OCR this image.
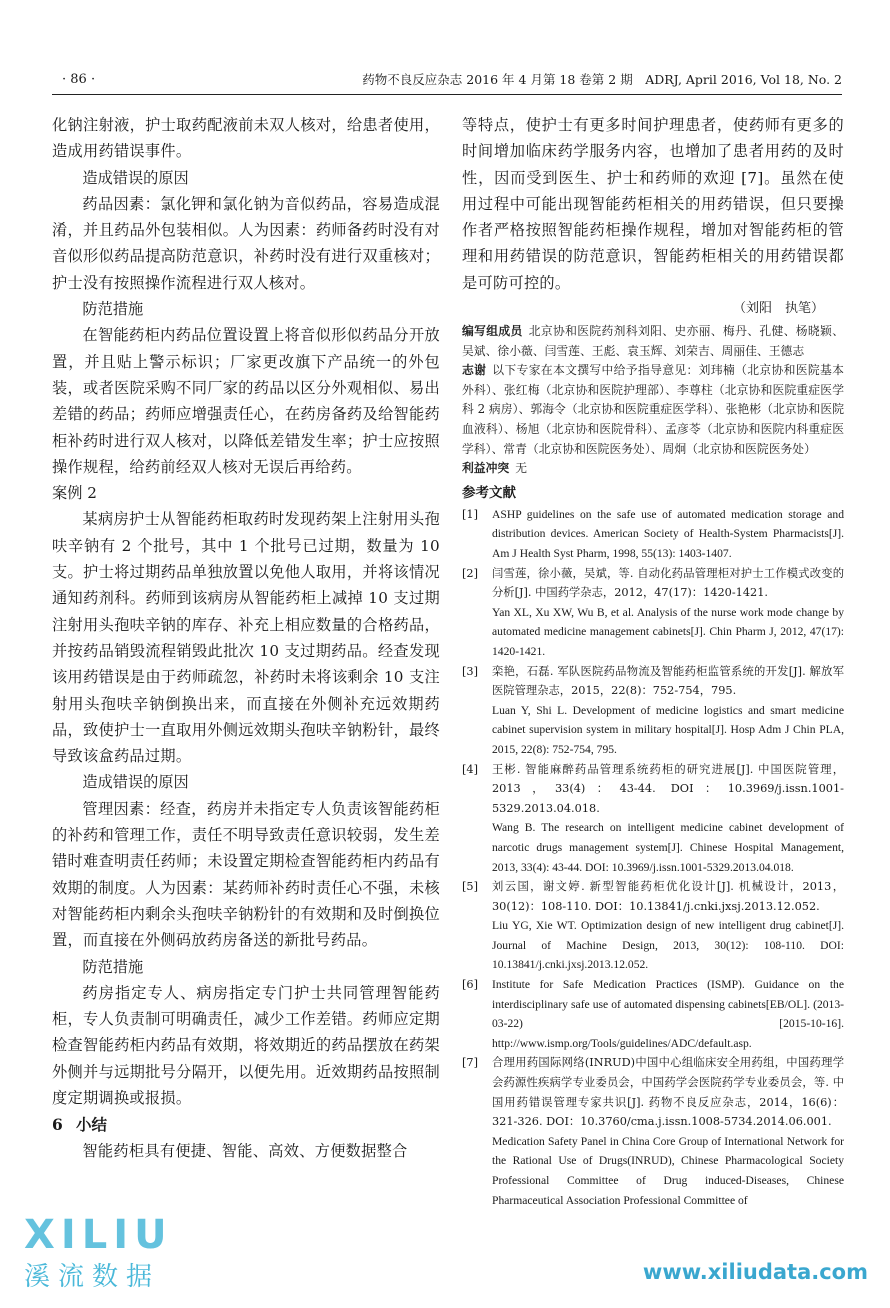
· 86 ·	药物不良反应杂志 2016 年 4 月第 18 卷第 2 期　ADRJ, April 2016, Vol 18, No. 2

化钠注射液，护士取药配液前未双人核对，给患者使用，造成用药错误事件。

造成错误的原因

药品因素：氯化钾和氯化钠为音似药品，容易造成混淆，并且药品外包装相似。人为因素：药师备药时没有对音似形似药品提高防范意识，补药时没有进行双重核对；护士没有按照操作流程进行双人核对。

防范措施

在智能药柜内药品位置设置上将音似形似药品分开放置，并且贴上警示标识；厂家更改旗下产品统一的外包装，或者医院采购不同厂家的药品以区分外观相似、易出差错的药品；药师应增强责任心，在药房备药及给智能药柜补药时进行双人核对，以降低差错发生率；护士应按照操作规程，给药前经双人核对无误后再给药。

案例 2

某病房护士从智能药柜取药时发现药架上注射用头孢呋辛钠有 2 个批号，其中 1 个批号已过期，数量为 10 支。护士将过期药品单独放置以免他人取用，并将该情况通知药剂科。药师到该病房从智能药柜上减掉 10 支过期注射用头孢呋辛钠的库存、补充上相应数量的合格药品，并按药品销毁流程销毁此批次 10 支过期药品。经查发现该用药错误是由于药师疏忽，补药时未将该剩余 10 支注射用头孢呋辛钠倒换出来，而直接在外侧补充远效期药品，致使护士一直取用外侧远效期头孢呋辛钠粉针，最终导致该盒药品过期。

造成错误的原因

管理因素：经查，药房并未指定专人负责该智能药柜的补药和管理工作，责任不明导致责任意识较弱，发生差错时难查明责任药师；未设置定期检查智能药柜内药品有效期的制度。人为因素：某药师补药时责任心不强，未核对智能药柜内剩余头孢呋辛钠粉针的有效期和及时倒换位置，而直接在外侧码放药房备送的新批号药品。

防范措施

药房指定专人、病房指定专门护士共同管理智能药柜，专人负责制可明确责任，减少工作差错。药师应定期检查智能药柜内药品有效期，将效期近的药品摆放在药架外侧并与远期批号分隔开，以便先用。近效期药品按照制度定期调换或报损。

6 小结

智能药柜具有便捷、智能、高效、方便数据整合

等特点，使护士有更多时间护理患者，使药师有更多的时间增加临床药学服务内容，也增加了患者用药的及时性，因而受到医生、护士和药师的欢迎 [7]。虽然在使用过程中可能出现智能药柜相关的用药错误，但只要操作者严格按照智能药柜操作规程，增加对智能药柜的管理和用药错误的防范意识，智能药柜相关的用药错误都是可防可控的。

（刘阳　执笔）

编写组成员 北京协和医院药剂科刘阳、史亦丽、梅丹、孔健、杨晓颖、吴斌、徐小薇、闫雪莲、王彪、袁玉辉、刘荣吉、周丽佳、王德志

志谢 以下专家在本文撰写中给予指导意见：刘玮楠（北京协和医院基本外科）、张红梅（北京协和医院护理部）、李尊柱（北京协和医院重症医学科 2 病房）、郭海令（北京协和医院重症医学科）、张艳彬（北京协和医院血液科）、杨旭（北京协和医院骨科）、孟彦苓（北京协和医院内科重症医学科）、常青（北京协和医院医务处）、周炯（北京协和医院医务处）

利益冲突 无

参考文献
[1]	ASHP guidelines on the safe use of automated medication storage and distribution devices. American Society of Health-System Pharmacists[J]. Am J Health Syst Pharm, 1998, 55(13): 1403-1407.
[2]	闫雪莲，徐小薇，吴斌，等. 自动化药品管理柜对护士工作模式改变的分析[J]. 中国药学杂志，2012，47(17)：1420-1421.
Yan XL, Xu XW, Wu B, et al. Analysis of the nurse work mode change by automated medicine management cabinets[J]. Chin Pharm J, 2012, 47(17): 1420-1421.
[3]	栾艳，石磊. 军队医院药品物流及智能药柜监管系统的开发[J]. 解放军医院管理杂志，2015，22(8)：752-754，795.
Luan Y, Shi L. Development of medicine logistics and smart medicine cabinet supervision system in military hospital[J]. Hosp Adm J Chin PLA, 2015, 22(8): 752-754, 795.
[4]	王彬. 智能麻醉药品管理系统药柜的研究进展[J]. 中国医院管理，2013，33(4)：43-44. DOI：10.3969/j.issn.1001-5329.2013.04.018.
Wang B. The research on intelligent medicine cabinet development of narcotic drugs management system[J]. Chinese Hospital Management, 2013, 33(4): 43-44. DOI: 10.3969/j.issn.1001-5329.2013.04.018.
[5]	刘云国，谢文婷. 新型智能药柜优化设计[J]. 机械设计，2013，30(12)：108-110. DOI：10.13841/j.cnki.jxsj.2013.12.052.
Liu YG, Xie WT. Optimization design of new intelligent drug cabinet[J]. Journal of Machine Design, 2013, 30(12): 108-110. DOI: 10.13841/j.cnki.jxsj.2013.12.052.
[6]	Institute for Safe Medication Practices (ISMP). Guidance on the interdisciplinary safe use of automated dispensing cabinets[EB/OL]. (2013-03-22) [2015-10-16]. http://www.ismp.org/Tools/guidelines/ADC/default.asp.
[7]	合理用药国际网络(INRUD)中国中心组临床安全用药组，中国药理学会药源性疾病学专业委员会，中国药学会医院药学专业委员会，等. 中国用药错误管理专家共识[J]. 药物不良反应杂志，2014，16(6)：321-326. DOI：10.3760/cma.j.issn.1008-5734.2014.06.001.
Medication Safety Panel in China Core Group of International Network for the Rational Use of Drugs(INRUD), Chinese Pharmacological Society Professional Committee of Drug induced-Diseases, Chinese Pharmaceutical Association Professional Committee of
XILIU
溪流数据	www.xiliudata.com
